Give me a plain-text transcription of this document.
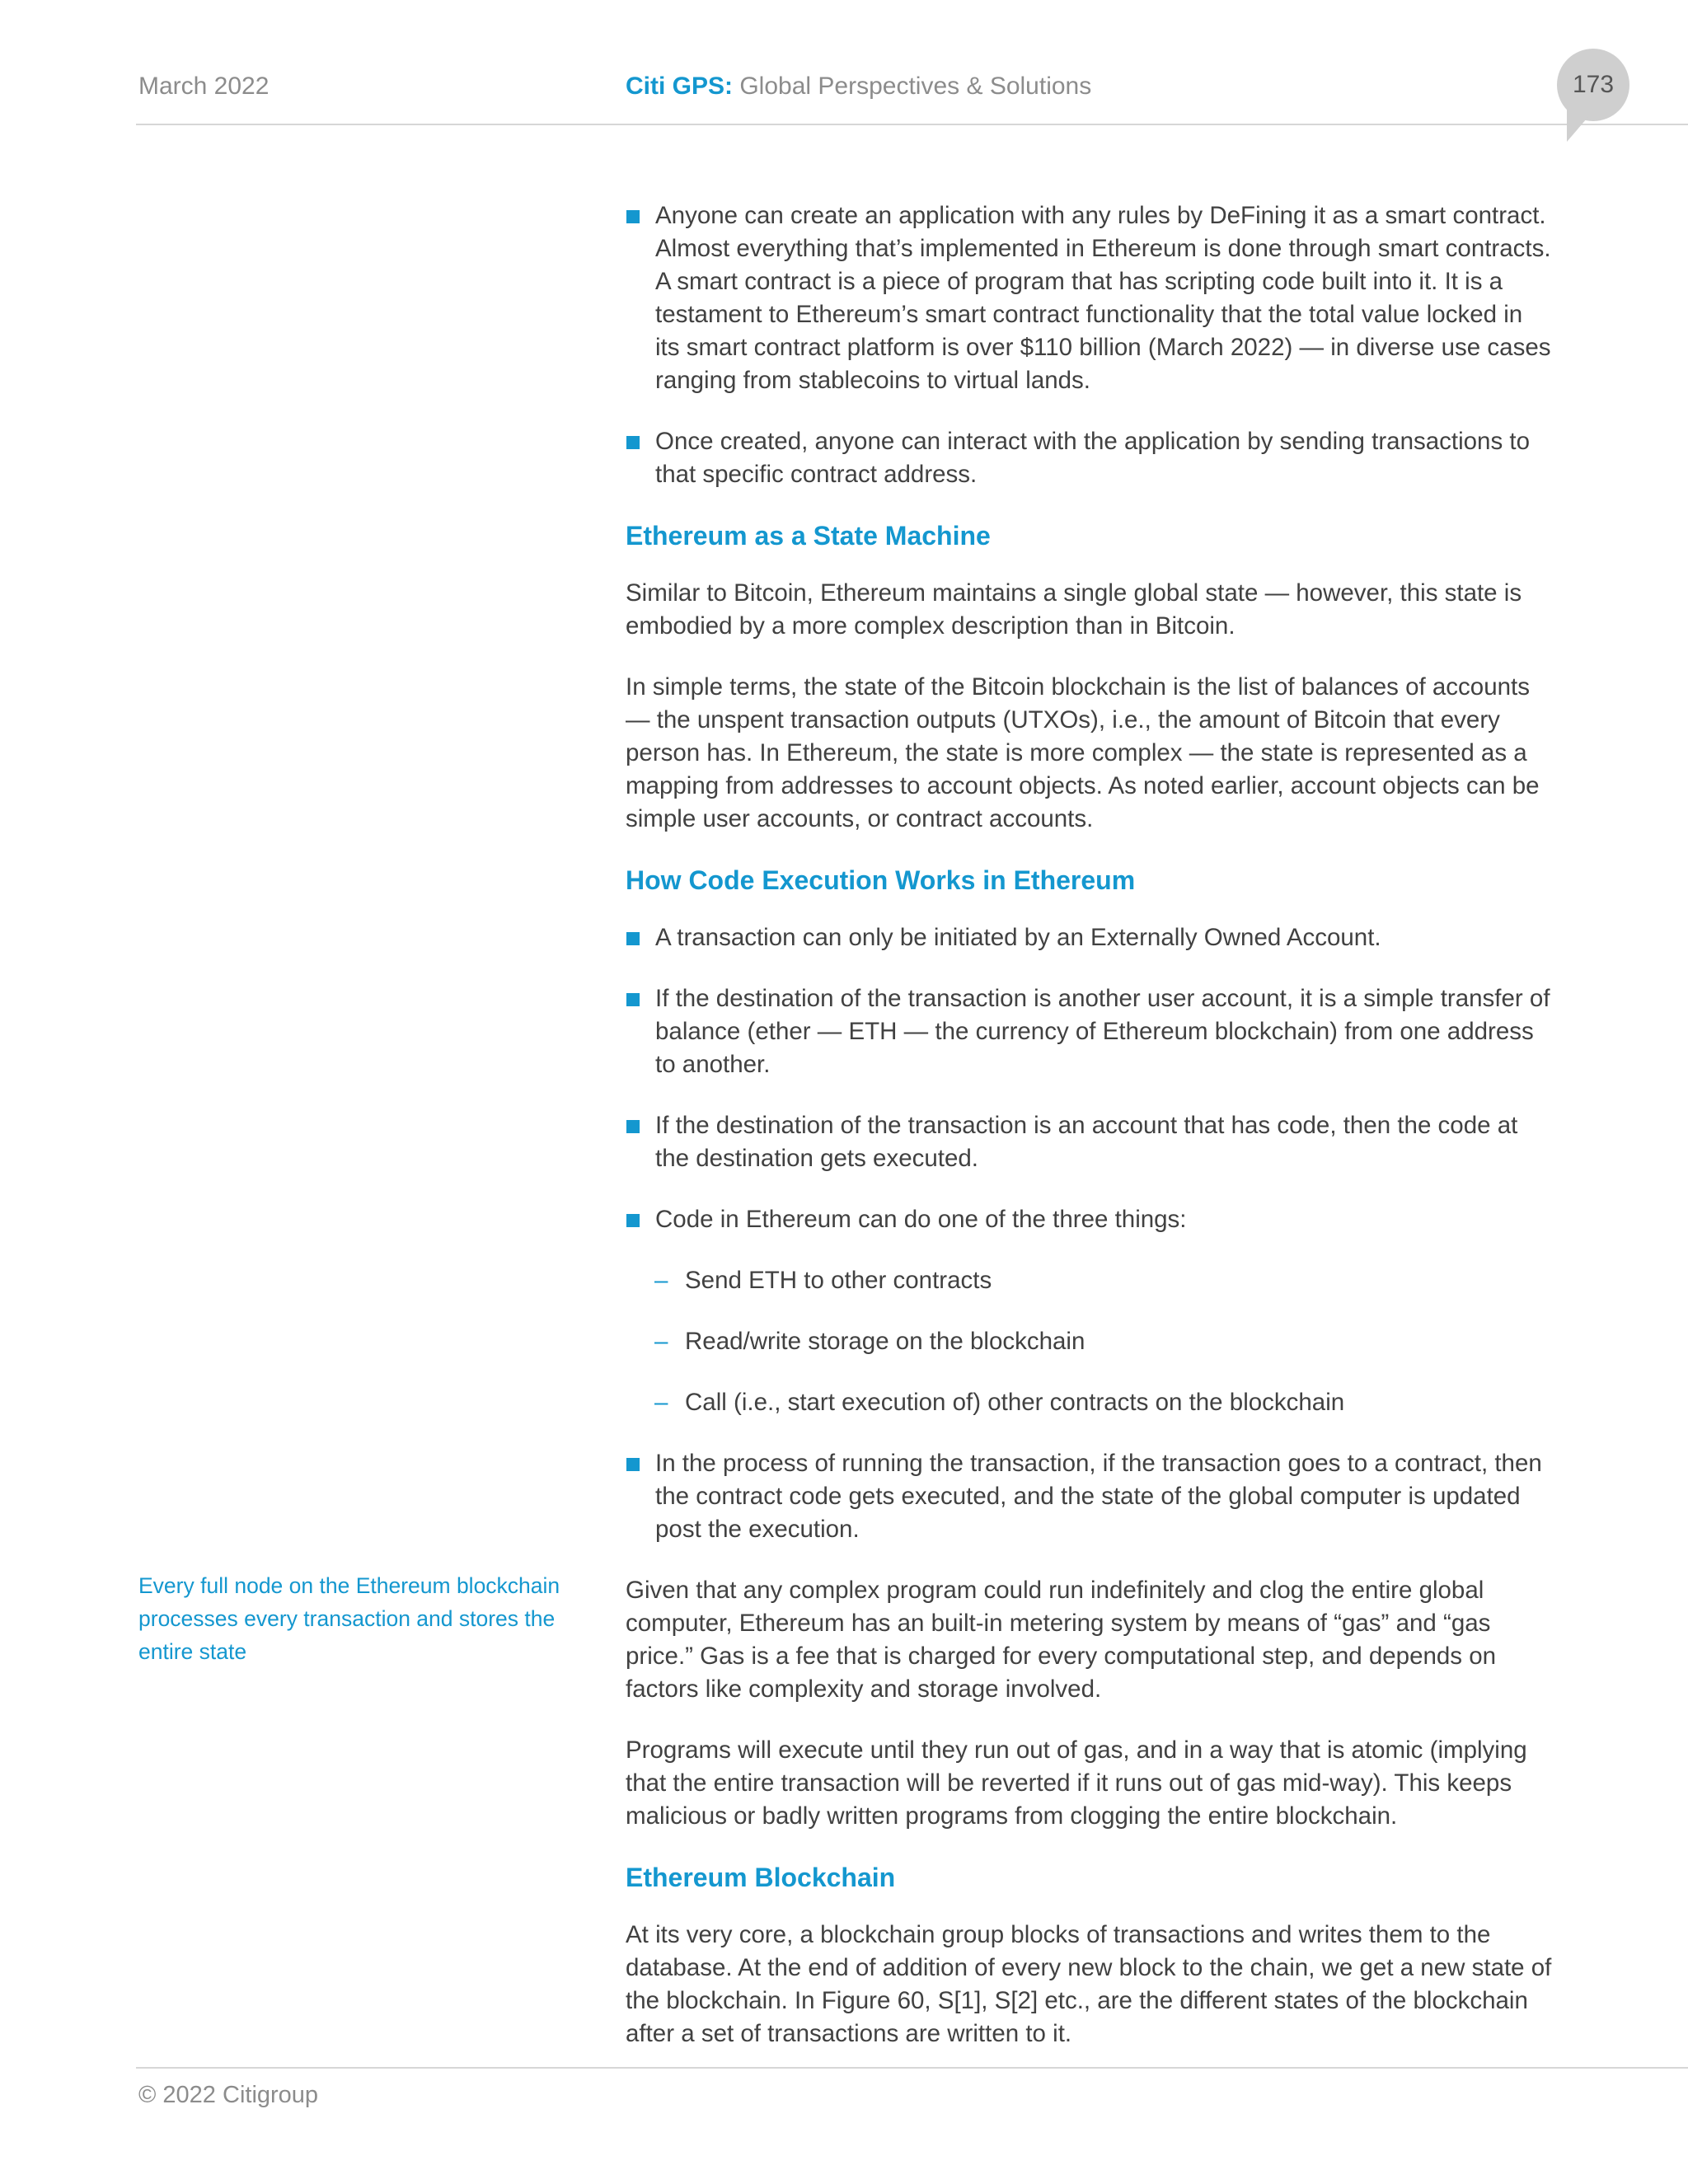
March 2022	Citi GPS: Global Perspectives & Solutions	173
Every full node on the Ethereum blockchain processes every transaction and stores the entire state
Anyone can create an application with any rules by DeFining it as a smart contract. Almost everything that’s implemented in Ethereum is done through smart contracts. A smart contract is a piece of program that has scripting code built into it. It is a testament to Ethereum’s smart contract functionality that the total value locked in its smart contract platform is over $110 billion (March 2022) — in diverse use cases ranging from stablecoins to virtual lands.
Once created, anyone can interact with the application by sending transactions to that specific contract address.
Ethereum as a State Machine

Similar to Bitcoin, Ethereum maintains a single global state — however, this state is embodied by a more complex description than in Bitcoin.

In simple terms, the state of the Bitcoin blockchain is the list of balances of accounts — the unspent transaction outputs (UTXOs), i.e., the amount of Bitcoin that every person has. In Ethereum, the state is more complex — the state is represented as a mapping from addresses to account objects. As noted earlier, account objects can be simple user accounts, or contract accounts.

How Code Execution Works in Ethereum
A transaction can only be initiated by an Externally Owned Account.
If the destination of the transaction is another user account, it is a simple transfer of balance (ether — ETH — the currency of Ethereum blockchain) from one address to another.
If the destination of the transaction is an account that has code, then the code at the destination gets executed.
Code in Ethereum can do one of the three things:
– Send ETH to other contracts
– Read/write storage on the blockchain
– Call (i.e., start execution of) other contracts on the blockchain
In the process of running the transaction, if the transaction goes to a contract, then the contract code gets executed, and the state of the global computer is updated post the execution.

Given that any complex program could run indefinitely and clog the entire global computer, Ethereum has an built-in metering system by means of “gas” and “gas price.” Gas is a fee that is charged for every computational step, and depends on factors like complexity and storage involved.

Programs will execute until they run out of gas, and in a way that is atomic (implying that the entire transaction will be reverted if it runs out of gas mid-way). This keeps malicious or badly written programs from clogging the entire blockchain.

Ethereum Blockchain

At its very core, a blockchain group blocks of transactions and writes them to the database. At the end of addition of every new block to the chain, we get a new state of the blockchain. In Figure 60, S[1], S[2] etc., are the different states of the blockchain after a set of transactions are written to it.

© 2022 Citigroup
